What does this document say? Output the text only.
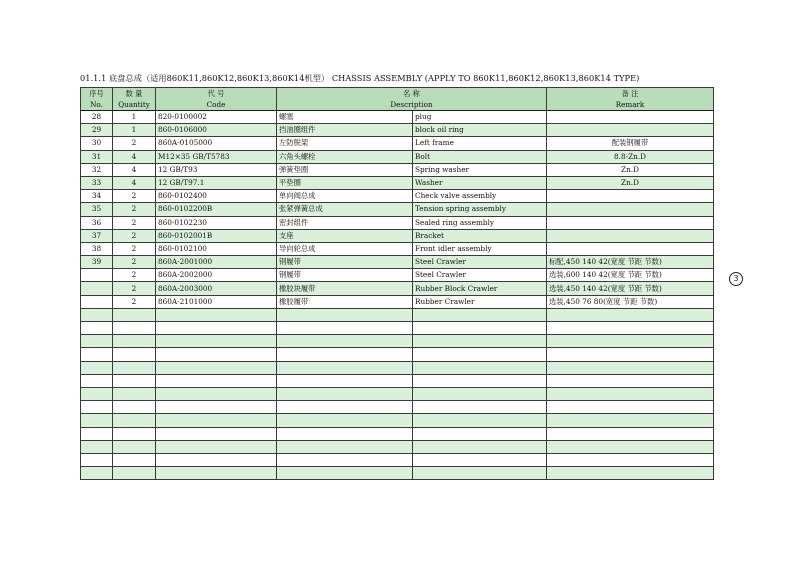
01.1.1 底盘总成（适用860K11,860K12,860K13,860K14机型） CHASSIS ASSEMBLY (APPLY TO 860K11,860K12,860K13,860K14 TYPE)
序号	数 量	代 号	名 称		备 注
No.	Quantity	Code	Description		Remark
28	1	820-0100002	螺塞	plug	
29	1	860-0106000	挡油圈组件	block oil ring	
30	2	860A-0105000	左防脱架	Left frame	配装钢履带
31	4	M12×35 GB/T5783	六角头螺栓	Bolt	8.8-Zn.D
32	4	12 GB/T93	弹簧垫圈	Spring washer	Zn.D
33	4	12 GB/T97.1	平垫圈	Washer	Zn.D
34	2	860-0102400	单向阀总成	Check valve assembly	
35	2	860-0102200B	张紧弹簧总成	Tension spring assembly	
36	2	860-0102230	密封组件	Sealed ring assembly	
37	2	860-0102001B	支座	Bracket	
38	2	860-0102100	导向轮总成	Front idler assembly	
39	2	860A-2001000	钢履带	Steel Crawler	标配,450 140 42(宽度 节距 节数)
	2	860A-2002000	钢履带	Steel Crawler	选装,600 140 42(宽度 节距 节数)
	2	860A-2003000	橡胶块履带	Rubber Block Crawler	选装,450 140 42(宽度 节距 节数)
	2	860A-2101000	橡胶履带	Rubber Crawler	选装,450 76 80(宽度 节距 节数)

3
